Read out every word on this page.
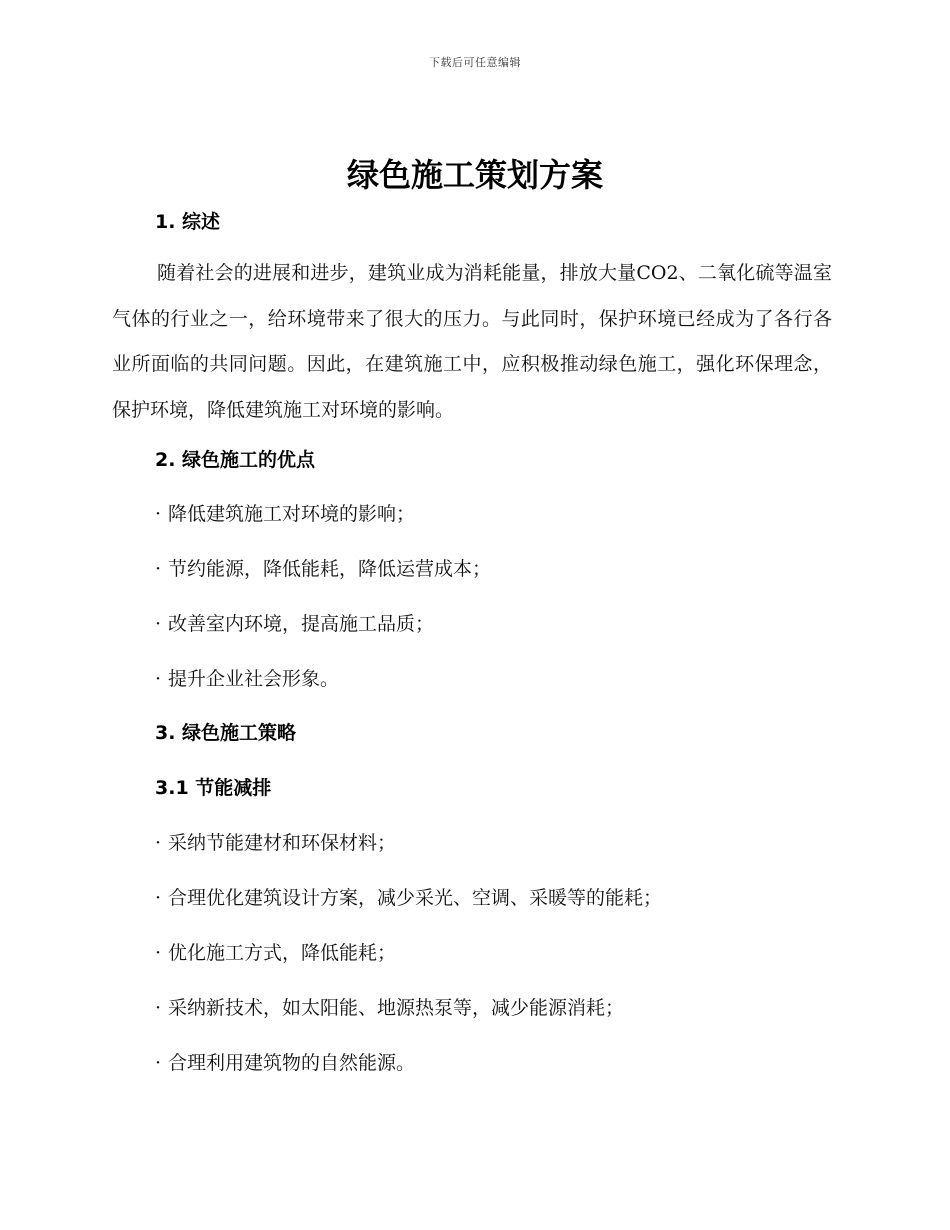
下载后可任意编辑
绿色施工策划方案
1. 综述

随着社会的进展和进步，建筑业成为消耗能量，排放大量CO2、二氧化硫等温室气体的行业之一，给环境带来了很大的压力。与此同时，保护环境已经成为了各行各业所面临的共同问题。因此，在建筑施工中，应积极推动绿色施工，强化环保理念，保护环境，降低建筑施工对环境的影响。

2. 绿色施工的优点
· 降低建筑施工对环境的影响；
· 节约能源，降低能耗，降低运营成本；
· 改善室内环境，提高施工品质；
· 提升企业社会形象。
3. 绿色施工策略
3.1 节能减排
· 采纳节能建材和环保材料；
· 合理优化建筑设计方案，减少采光、空调、采暖等的能耗；
· 优化施工方式，降低能耗；
· 采纳新技术，如太阳能、地源热泵等，减少能源消耗；
· 合理利用建筑物的自然能源。
